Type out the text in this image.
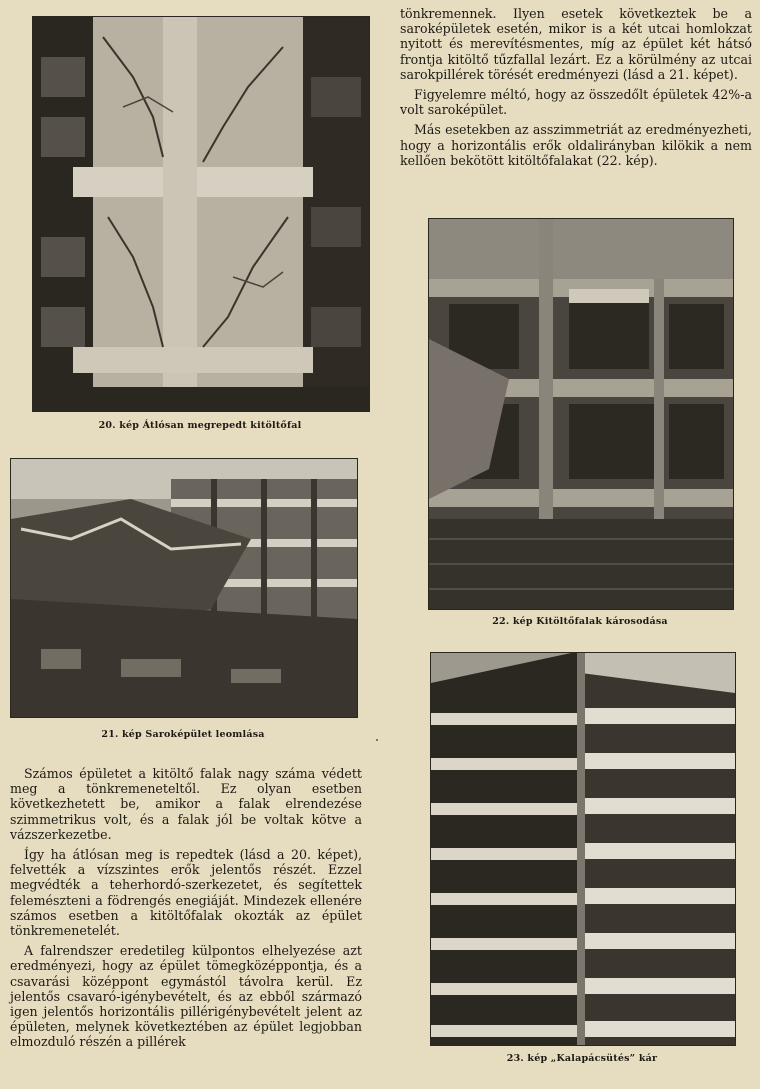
20. kép Átlósan megrepedt kitöltőfal
21. kép Saroképület leomlása
22. kép Kitöltőfalak károsodása
23. kép „Kalapácsütés” kár

tönkremennek. Ilyen esetek következtek be a saroképületek esetén, mikor is a két utcai homlokzat nyitott és merevítésmentes, míg az épület két hátsó frontja kitöltő tűzfallal lezárt. Ez a körülmény az utcai sarokpillérek törését eredményezi (lásd a 21. képet).

Figyelemre méltó, hogy az összedőlt épületek 42%-a volt saroképület.

Más esetekben az asszimmetriát az eredményezheti, hogy a horizontális erők oldalirányban kilökik a nem kellően bekötött kitöltőfalakat (22. kép).

Számos épületet a kitöltő falak nagy száma védett meg a tönkremeneteltől. Ez olyan esetben következhetett be, amikor a falak elrendezése szimmetrikus volt, és a falak jól be voltak kötve a vázszerkezetbe.

Így ha átlósan meg is repedtek (lásd a 20. képet), felvették a vízszintes erők jelentős részét. Ezzel megvédték a teherhordó-szerkezetet, és segítettek felemészteni a födrengés enegiáját. Mindezek ellenére számos esetben a kitöltőfalak okozták az épület tönkremenetelét.

A falrendszer eredetileg külpontos elhelyezése azt eredményezi, hogy az épület tömegközéppontja, és a csavarási középpont egymástól távolra kerül. Ez jelentős csavaró-igénybevételt, és az ebből származó igen jelentős horizontális pillérigénybevételt jelent az épületen, melynek következtében az épület legjobban elmozduló részén a pillérek
